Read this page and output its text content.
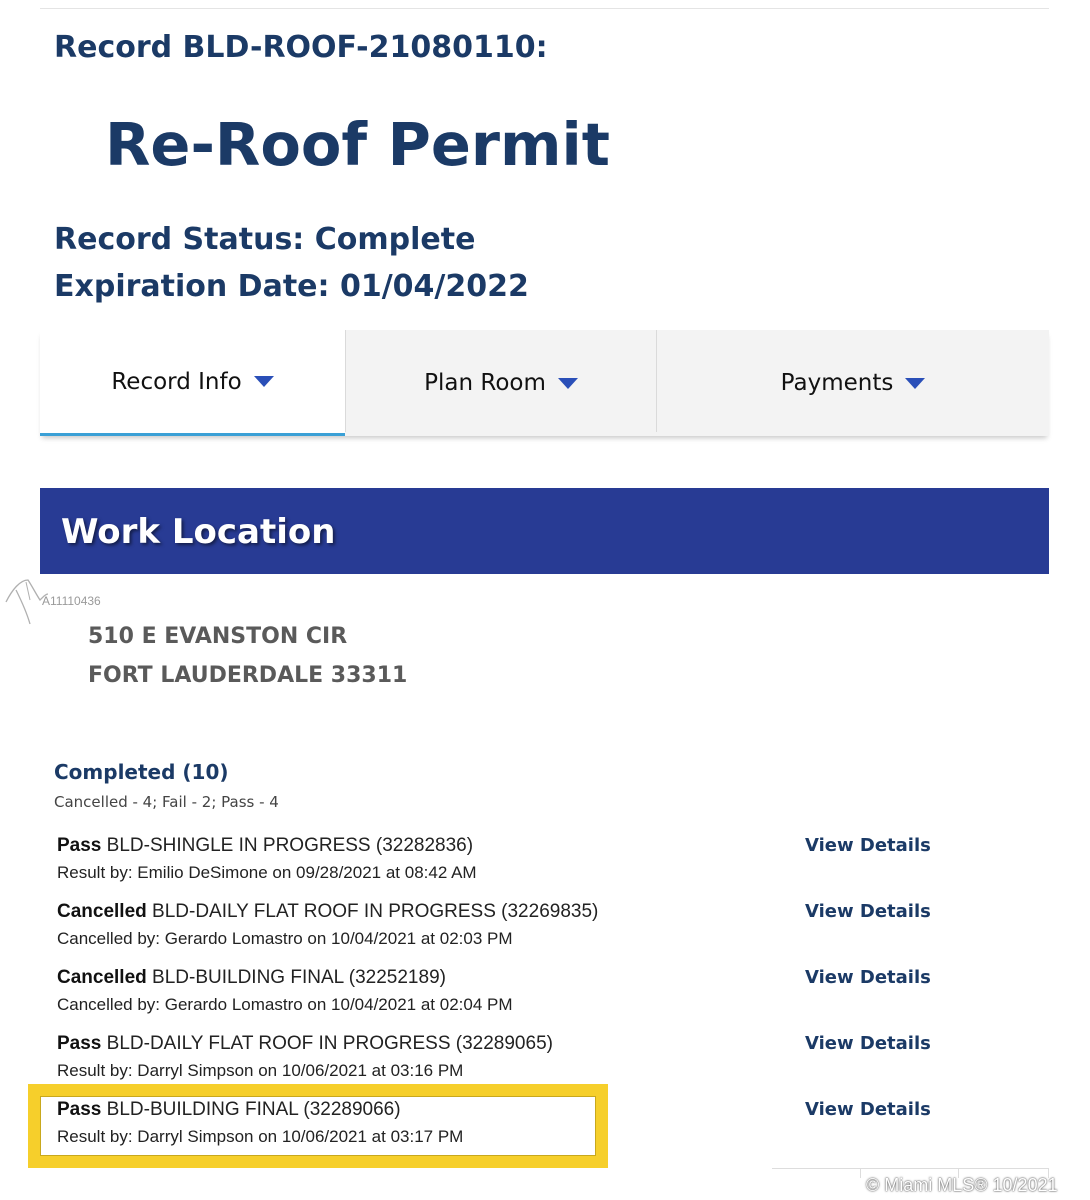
Record BLD-ROOF-21080110:
Re-Roof Permit
Record Status: Complete
Expiration Date: 01/04/2022
Record Info	Plan Room	Payments
Work Location
A11110436
510 E EVANSTON CIR
FORT LAUDERDALE 33311
Completed (10)
Cancelled - 4; Fail - 2; Pass - 4
Pass BLD-SHINGLE IN PROGRESS (32282836)
Result by: Emilio DeSimone on 09/28/2021 at 08:42 AM
View Details
Cancelled BLD-DAILY FLAT ROOF IN PROGRESS (32269835)
Cancelled by: Gerardo Lomastro on 10/04/2021 at 02:03 PM
View Details
Cancelled BLD-BUILDING FINAL (32252189)
Cancelled by: Gerardo Lomastro on 10/04/2021 at 02:04 PM
View Details
Pass BLD-DAILY FLAT ROOF IN PROGRESS (32289065)
Result by: Darryl Simpson on 10/06/2021 at 03:16 PM
View Details
Pass BLD-BUILDING FINAL (32289066)
Result by: Darryl Simpson on 10/06/2021 at 03:17 PM
View Details
© Miami MLS® 10/2021
